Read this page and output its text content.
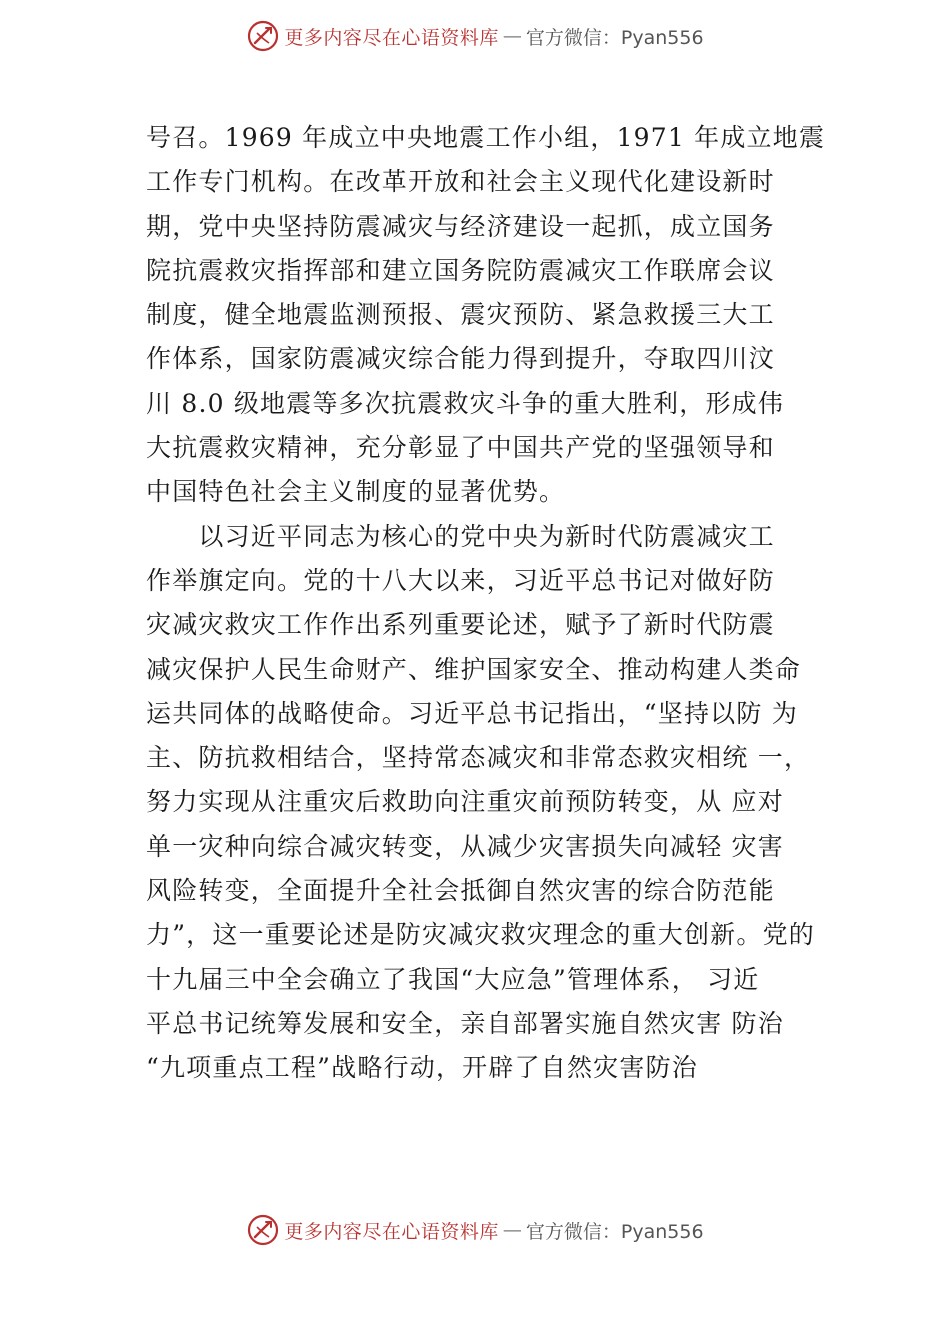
更多内容尽在心语资料库 — 官方微信：Pyan556
号召。1969 年成立中央地震工作小组，1971 年成立地震
工作专门机构。在改革开放和社会主义现代化建设新时
期，党中央坚持防震减灾与经济建设一起抓，成立国务
院抗震救灾指挥部和建立国务院防震减灾工作联席会议
制度，健全地震监测预报、震灾预防、紧急救援三大工
作体系，国家防震减灾综合能力得到提升，夺取四川汶
川 8.0 级地震等多次抗震救灾斗争的重大胜利，形成伟
大抗震救灾精神，充分彰显了中国共产党的坚强领导和
中国特色社会主义制度的显著优势。
　　以习近平同志为核心的党中央为新时代防震减灾工
作举旗定向。党的十八大以来，习近平总书记对做好防
灾减灾救灾工作作出系列重要论述，赋予了新时代防震
减灾保护人民生命财产、维护国家安全、推动构建人类命
运共同体的战略使命。习近平总书记指出，“坚持以防 为
主、防抗救相结合，坚持常态减灾和非常态救灾相统 一，
努力实现从注重灾后救助向注重灾前预防转变，从 应对
单一灾种向综合减灾转变，从减少灾害损失向减轻 灾害
风险转变，全面提升全社会抵御自然灾害的综合防范能
力”，这一重要论述是防灾减灾救灾理念的重大创新。党的
十九届三中全会确立了我国“大应急”管理体系， 习近
平总书记统筹发展和安全，亲自部署实施自然灾害 防治
“九项重点工程”战略行动，开辟了自然灾害防治
更多内容尽在心语资料库 — 官方微信：Pyan556
